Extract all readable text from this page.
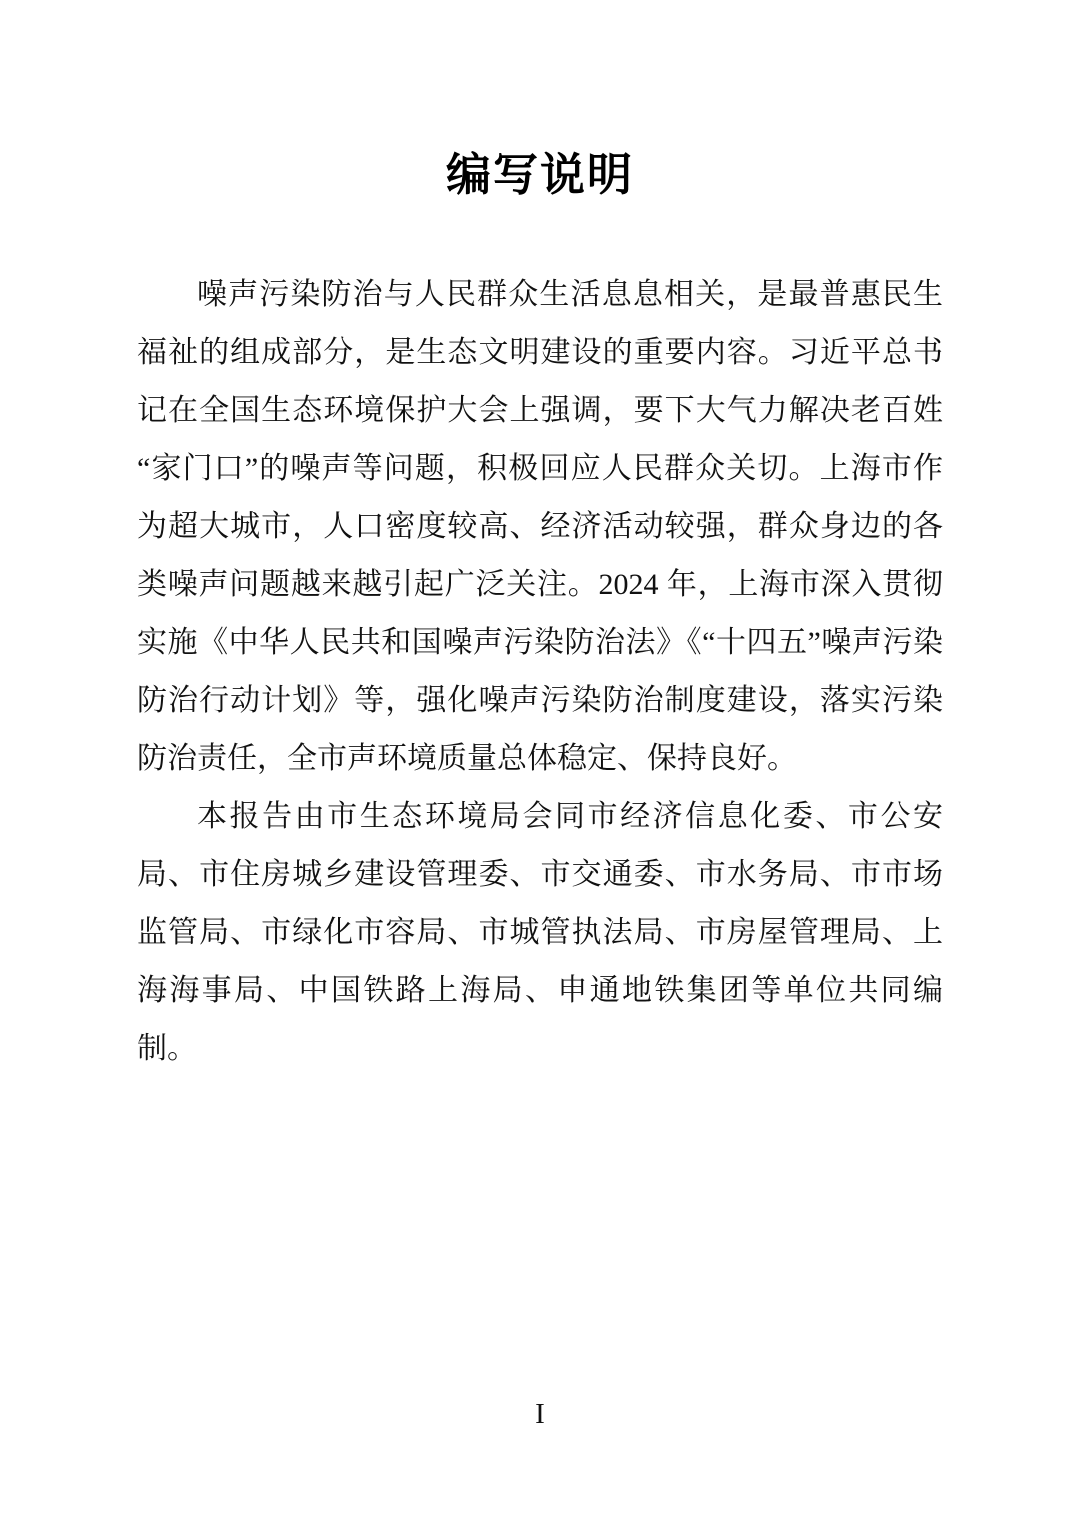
编写说明

噪声污染防治与人民群众生活息息相关，是最普惠民生福祉的组成部分，是生态文明建设的重要内容。习近平总书记在全国生态环境保护大会上强调，要下大气力解决老百姓“家门口”的噪声等问题，积极回应人民群众关切。上海市作为超大城市，人口密度较高、经济活动较强，群众身边的各类噪声问题越来越引起广泛关注。2024 年，上海市深入贯彻实施《中华人民共和国噪声污染防治法》《“十四五”噪声污染防治行动计划》等，强化噪声污染防治制度建设，落实污染防治责任，全市声环境质量总体稳定、保持良好。

本报告由市生态环境局会同市经济信息化委、市公安局、市住房城乡建设管理委、市交通委、市水务局、市市场监管局、市绿化市容局、市城管执法局、市房屋管理局、上海海事局、中国铁路上海局、申通地铁集团等单位共同编制。

I
